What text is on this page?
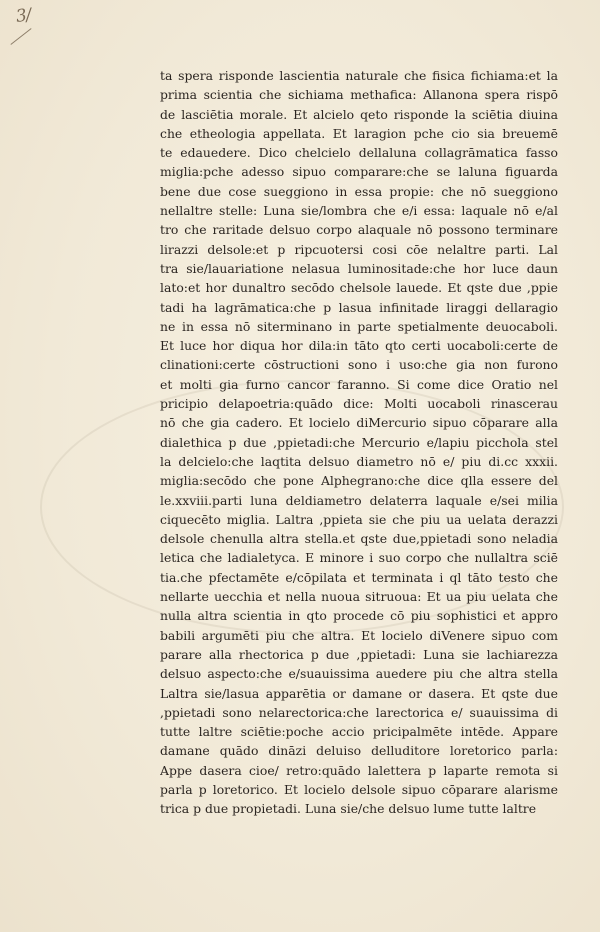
3/
ta spera risponde lascientia naturale che fisica fichiama:et la
prima scientia che sichiama methafica: Allanona spera rispō
de lasciētia morale. Et alcielo qeto risponde la sciētia diuina
che etheologia appellata. Et laragion pche cio sia breuemē
te edauedere. Dico chelcielo dellaluna collagrāmatica fasso
miglia:pche adesso sipuo comparare:che se laluna figuarda
bene due cose sueggiono in essa propie: che nō sueggiono
nellaltre stelle: Luna sie/lombra che e/i essa: laquale nō e/al
tro che raritade delsuo corpo alaquale nō possono terminare
lirazzi delsole:et p ripcuotersi cosi cōe nelaltre parti. Lal
tra sie/lauariatione nelasua luminositade:che hor luce daun
lato:et hor dunaltro secōdo chelsole lauede. Et qste due ,ppie
tadi ha lagrāmatica:che p lasua infinitade liraggi dellaragio
ne in essa nō siterminano in parte spetialmente deuocaboli.
Et luce hor diqua hor dila:in tāto qto certi uocaboli:certe de
clinationi:certe cōstructioni sono i uso:che gia non furono
et molti gia furno cancor faranno. Si come dice Oratio nel
pricipio delapoetria:quādo dice: Molti uocaboli rinascerau
nō che gia cadero. Et locielo diMercurio sipuo cōparare alla
dialethica p due ,ppietadi:che Mercurio e/lapiu picchola stel
la delcielo:che laqtita delsuo diametro nō e/ piu di.cc xxxii.
miglia:secōdo che pone Alphegrano:che dice qlla essere del
le.xxviii.parti luna deldiametro delaterra laquale e/sei milia
ciquecēto miglia. Laltra ,ppieta sie che piu ua uelata derazzi
delsole chenulla altra stella.et qste due,ppietadi sono neladia
letica che ladialetyca. E minore i suo corpo che nullaltra sciē
tia.che pfectamēte e/cōpilata et terminata i ql tāto testo che
nellarte uecchia et nella nuoua sitruoua: Et ua piu uelata che
nulla altra scientia in qto procede cō piu sophistici et appro
babili argumēti piu che altra. Et locielo diVenere sipuo com
parare alla rhectorica p due ,ppietadi: Luna sie lachiarezza
delsuo aspecto:che e/suauissima auedere piu che altra stella
Laltra sie/lasua apparētia or damane or dasera. Et qste due
,ppietadi sono nelarectorica:che larectorica e/ suauissima di
tutte laltre sciētie:poche accio pricipalmēte intēde. Appare
damane quādo dināzi deluiso delluditore loretorico parla:
Appe dasera cioe/ retro:quādo lalettera p laparte remota si
parla p loretorico. Et locielo delsole sipuo cōparare alarisme
trica p due propietadi. Luna sie/che delsuo lume tutte laltre
